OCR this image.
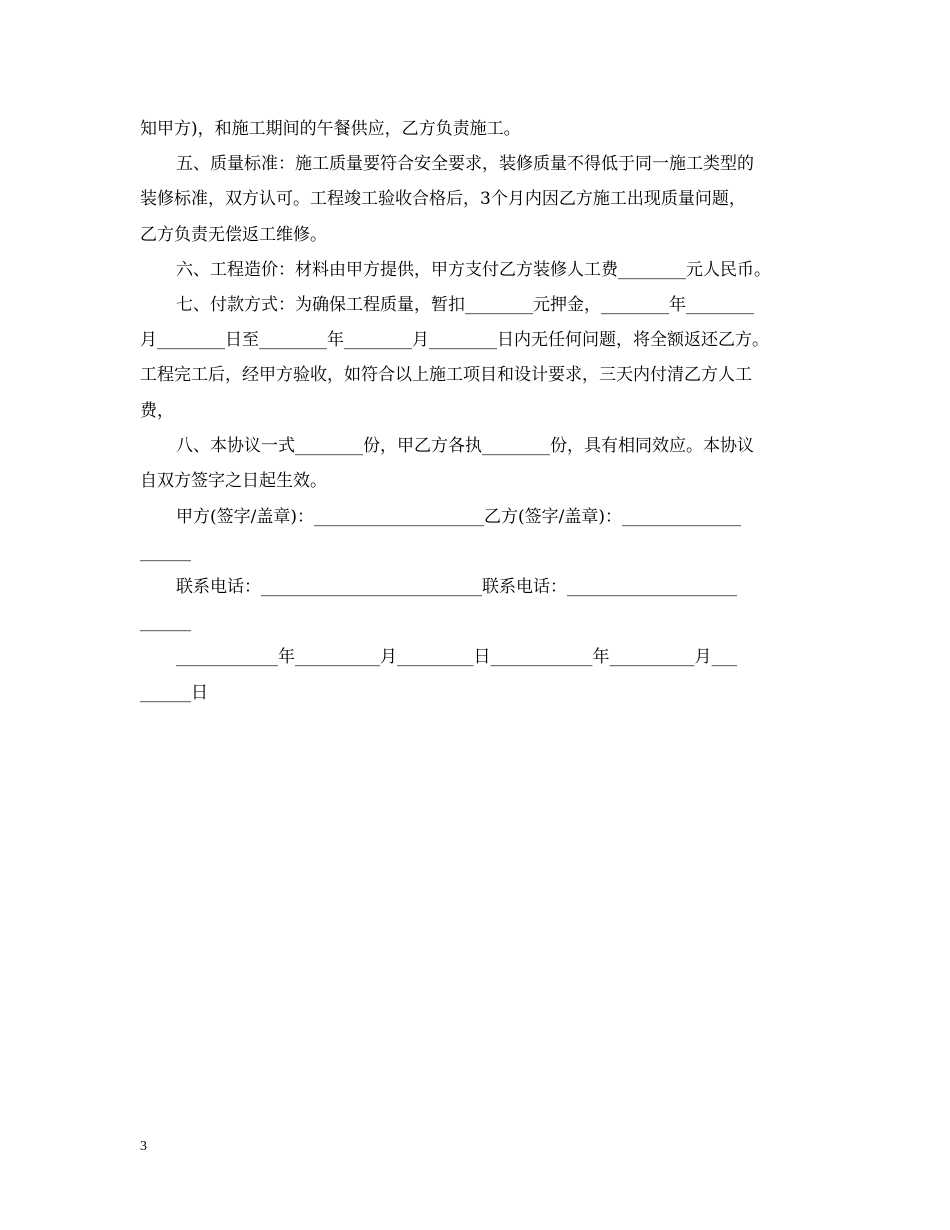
知甲方)，和施工期间的午餐供应，乙方负责施工。
五、质量标准：施工质量要符合安全要求，装修质量不得低于同一施工类型的
装修标准，双方认可。工程竣工验收合格后，3个月内因乙方施工出现质量问题，
乙方负责无偿返工维修。
六、工程造价：材料由甲方提供，甲方支付乙方装修人工费________元人民币。
七、付款方式：为确保工程质量，暂扣________元押金，________年________
月________日至________年________月________日内无任何问题，将全额返还乙方。
工程完工后，经甲方验收，如符合以上施工项目和设计要求，三天内付清乙方人工
费，
八、本协议一式________份，甲乙方各执________份，具有相同效应。本协议
自双方签字之日起生效。
甲方(签字/盖章)：____________________乙方(签字/盖章)：______________
______
联系电话：__________________________联系电话：____________________
______
____________年__________月_________日____________年__________月___
______日
3
